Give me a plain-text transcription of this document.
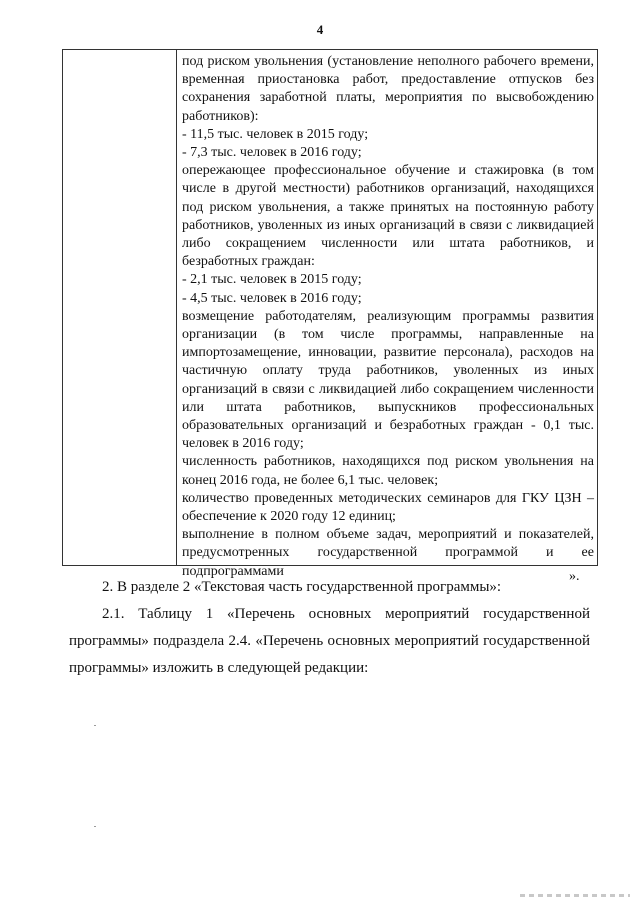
4

под риском увольнения (установление неполного рабочего времени, временная приостановка работ, предоставление отпусков без сохранения заработной платы, мероприятия по высвобождению работников):

- 11,5 тыс. человек в 2015 году;

- 7,3 тыс. человек в 2016 году;

опережающее профессиональное обучение и стажировка (в том числе в другой местности) работников организаций, находящихся под риском увольнения, а также принятых на постоянную работу работников, уволенных из иных организаций в связи с ликвидацией либо сокращением численности или штата работников, и безработных граждан:

- 2,1 тыс. человек в 2015 году;

- 4,5 тыс. человек в 2016 году;

возмещение работодателям, реализующим программы развития организации (в том числе программы, направленные на импортозамещение, инновации, развитие персонала), расходов на частичную оплату труда работников, уволенных из иных организаций в связи с ликвидацией либо сокращением численности или штата работников, выпускников профессиональных образовательных организаций и безработных граждан - 0,1 тыс. человек в 2016 году;

численность работников, находящихся под риском увольнения на конец 2016 года, не более 6,1 тыс. человек;

количество проведенных методических семинаров для ГКУ ЦЗН – обеспечение к 2020 году 12 единиц;

выполнение в полном объеме задач, мероприятий и показателей, предусмотренных государственной программой и ее подпрограммами	».

2. В разделе 2 «Текстовая часть государственной программы»:

2.1. Таблицу 1 «Перечень основных мероприятий государственной программы» подраздела 2.4. «Перечень основных мероприятий государственной программы» изложить в следующей редакции:
